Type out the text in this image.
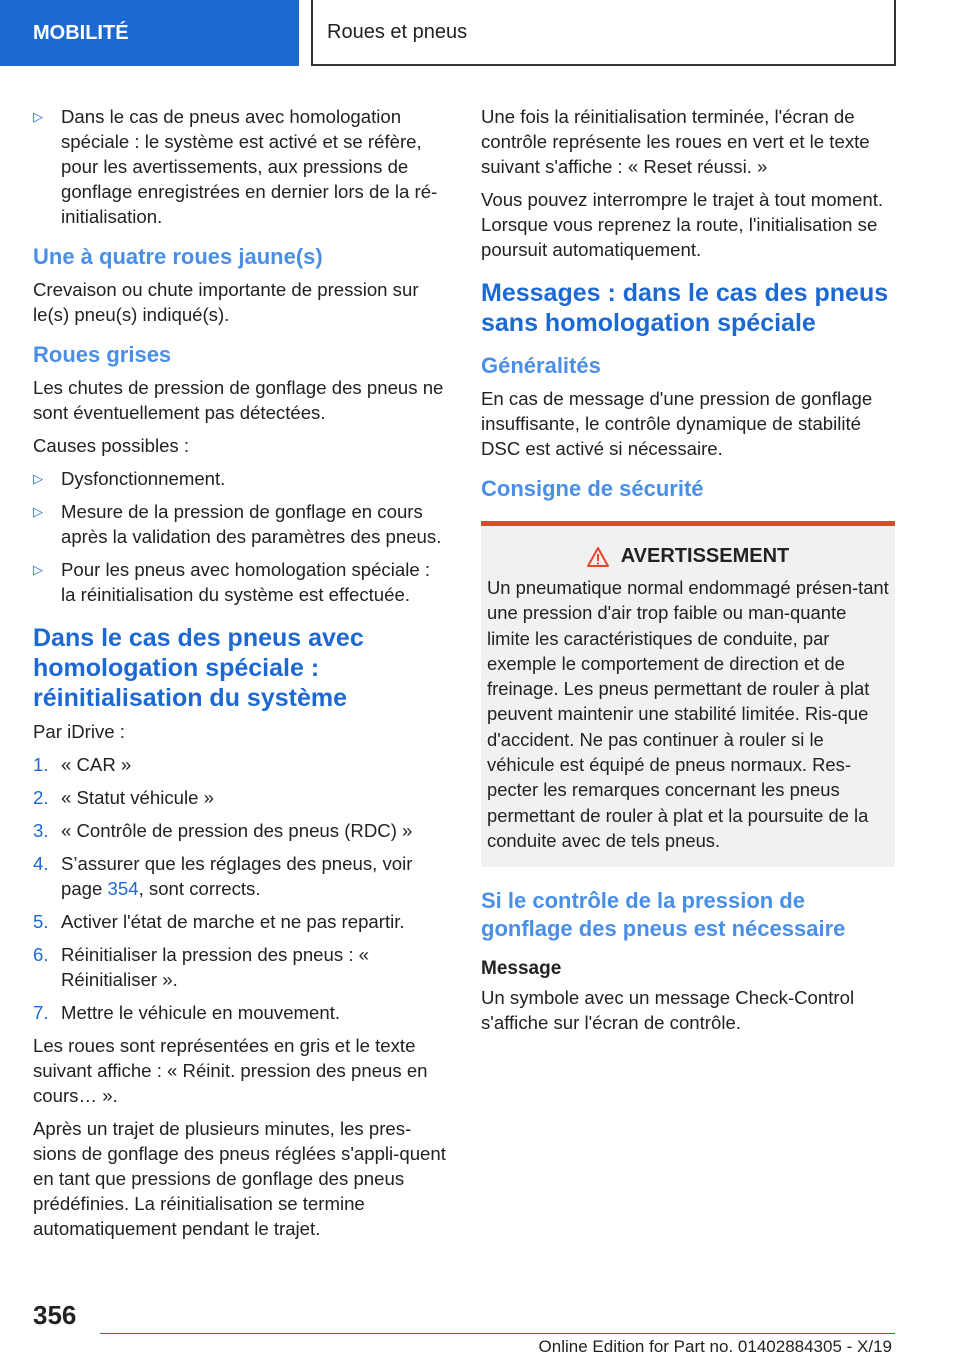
MOBILITÉ	Roues et pneus
▷ Dans le cas de pneus avec homologation spéciale : le système est activé et se réfère, pour les avertissements, aux pressions de gonflage enregistrées en dernier lors de la ré‐initialisation.
Une à quatre roues jaune(s)

Crevaison ou chute importante de pression sur le(s) pneu(s) indiqué(s).

Roues grises

Les chutes de pression de gonflage des pneus ne sont éventuellement pas détectées.

Causes possibles :

▷ Dysfonctionnement.
▷ Mesure de la pression de gonflage en cours après la validation des paramètres des pneus.
▷ Pour les pneus avec homologation spéciale : la réinitialisation du système est effectuée.
Dans le cas des pneus avec homologation spéciale : réinitialisation du système

Par iDrive :

1. « CAR »
2. « Statut véhicule »
3. « Contrôle de pression des pneus (RDC) »
4. S’assurer que les réglages des pneus, voir page 354, sont corrects.
5. Activer l'état de marche et ne pas repartir.
6. Réinitialiser la pression des pneus : « Réinitialiser ».
7. Mettre le véhicule en mouvement.

Les roues sont représentées en gris et le texte suivant affiche : « Réinit. pression des pneus en cours… ».

Après un trajet de plusieurs minutes, les pres‐sions de gonflage des pneus réglées s'appli‐quent en tant que pressions de gonflage des pneus prédéfinies. La réinitialisation se termine automatiquement pendant le trajet.

Une fois la réinitialisation terminée, l'écran de contrôle représente les roues en vert et le texte suivant s'affiche : « Reset réussi. »

Vous pouvez interrompre le trajet à tout moment. Lorsque vous reprenez la route, l'initialisation se poursuit automatiquement.

Messages : dans le cas des pneus sans homologation spéciale
Généralités

En cas de message d'une pression de gonflage insuffisante, le contrôle dynamique de stabilité DSC est activé si nécessaire.

Consigne de sécurité
AVERTISSEMENT
Un pneumatique normal endommagé présen‐tant une pression d'air trop faible ou man‐quante limite les caractéristiques de conduite, par exemple le comportement de direction et de freinage. Les pneus permettant de rouler à plat peuvent maintenir une stabilité limitée. Ris‐que d'accident. Ne pas continuer à rouler si le véhicule est équipé de pneus normaux. Res‐pecter les remarques concernant les pneus permettant de rouler à plat et la poursuite de la conduite avec de tels pneus.
Si le contrôle de la pression de gonflage des pneus est nécessaire
Message

Un symbole avec un message Check-Control s'affiche sur l'écran de contrôle.

356
Online Edition for Part no. 01402884305 - X/19
